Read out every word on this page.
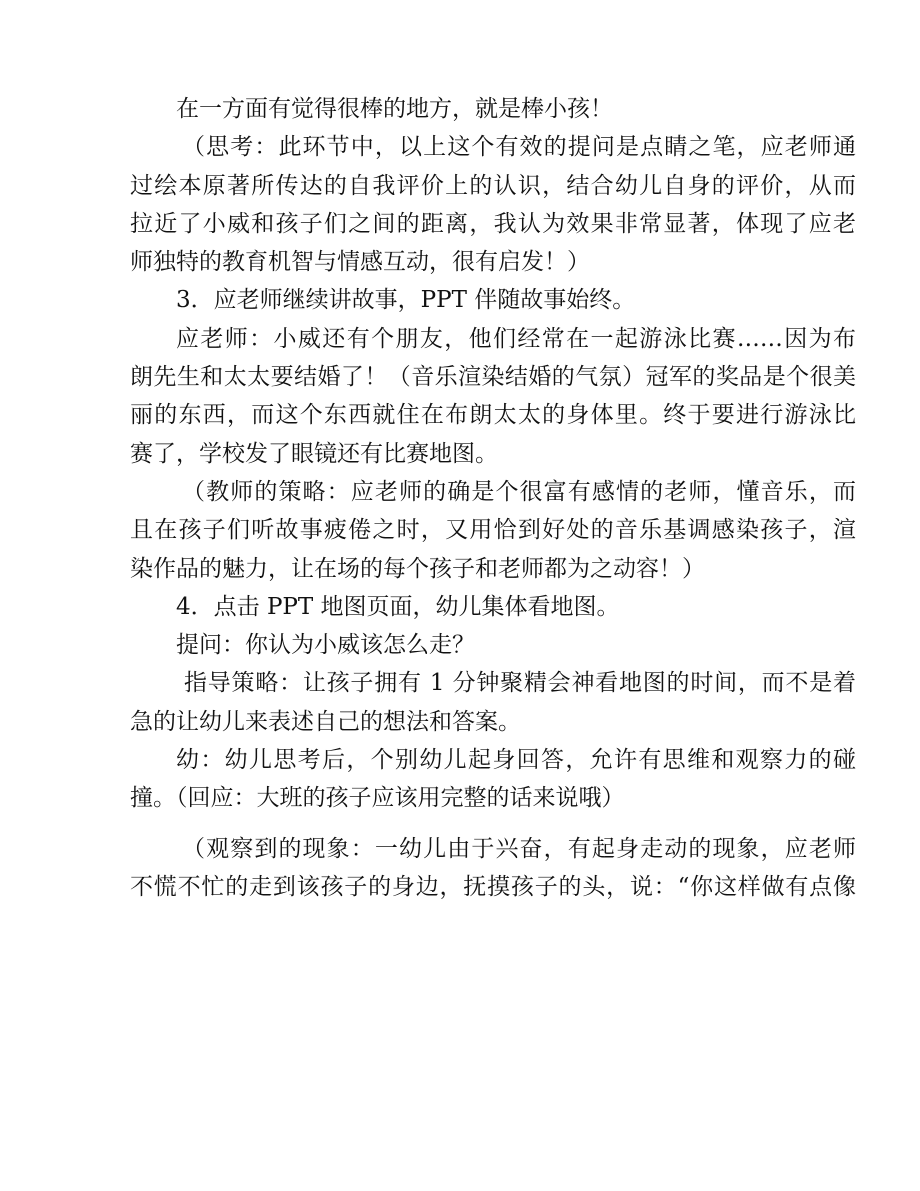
在一方面有觉得很棒的地方，就是棒小孩！
（思考：此环节中，以上这个有效的提问是点睛之笔，应老师通
过绘本原著所传达的自我评价上的认识，结合幼儿自身的评价，从而
拉近了小威和孩子们之间的距离，我认为效果非常显著，体现了应老
师独特的教育机智与情感互动，很有启发！）
3．应老师继续讲故事，PPT 伴随故事始终。
应老师：小威还有个朋友，他们经常在一起游泳比赛……因为布
朗先生和太太要结婚了！（音乐渲染结婚的气氛）冠军的奖品是个很美
丽的东西，而这个东西就住在布朗太太的身体里。终于要进行游泳比
赛了，学校发了眼镜还有比赛地图。
（教师的策略：应老师的确是个很富有感情的老师，懂音乐，而
且在孩子们听故事疲倦之时，又用恰到好处的音乐基调感染孩子，渲
染作品的魅力，让在场的每个孩子和老师都为之动容！）
4．点击 PPT 地图页面，幼儿集体看地图。
提问：你认为小威该怎么走？
指导策略：让孩子拥有 1 分钟聚精会神看地图的时间，而不是着
急的让幼儿来表述自己的想法和答案。
幼：幼儿思考后，个别幼儿起身回答，允许有思维和观察力的碰
撞。（回应：大班的孩子应该用完整的话来说哦）
（观察到的现象：一幼儿由于兴奋，有起身走动的现象，应老师
不慌不忙的走到该孩子的身边，抚摸孩子的头，说：“你这样做有点像
